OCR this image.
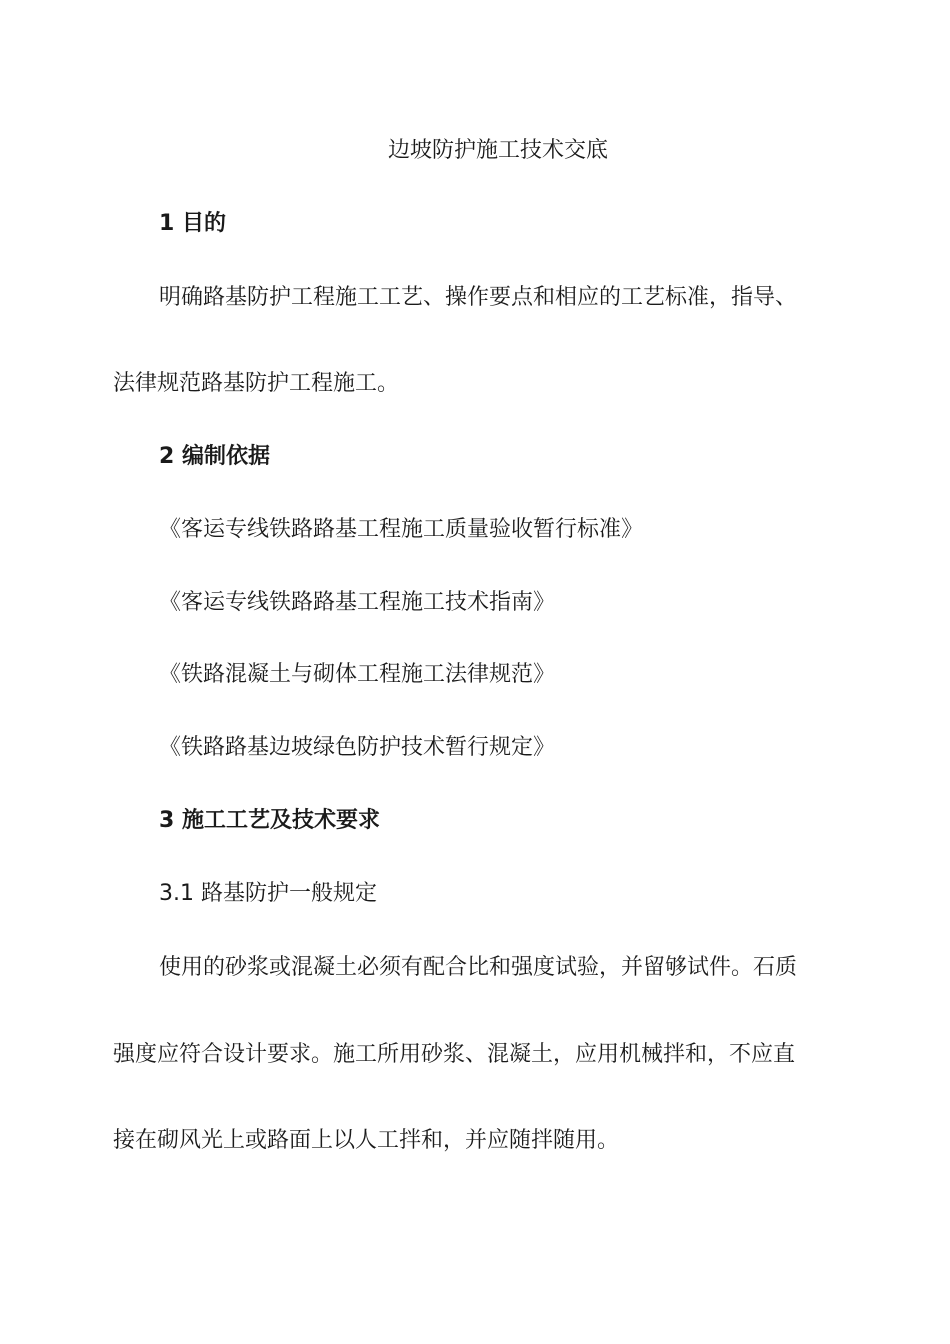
边坡防护施工技术交底

1 目的

明确路基防护工程施工工艺、操作要点和相应的工艺标准，指导、

法律规范路基防护工程施工。

2 编制依据

《客运专线铁路路基工程施工质量验收暂行标准》

《客运专线铁路路基工程施工技术指南》

《铁路混凝土与砌体工程施工法律规范》

《铁路路基边坡绿色防护技术暂行规定》

3 施工工艺及技术要求

3.1 路基防护一般规定

使用的砂浆或混凝土必须有配合比和强度试验，并留够试件。石质

强度应符合设计要求。施工所用砂浆、混凝土，应用机械拌和，不应直

接在砌风光上或路面上以人工拌和，并应随拌随用。
